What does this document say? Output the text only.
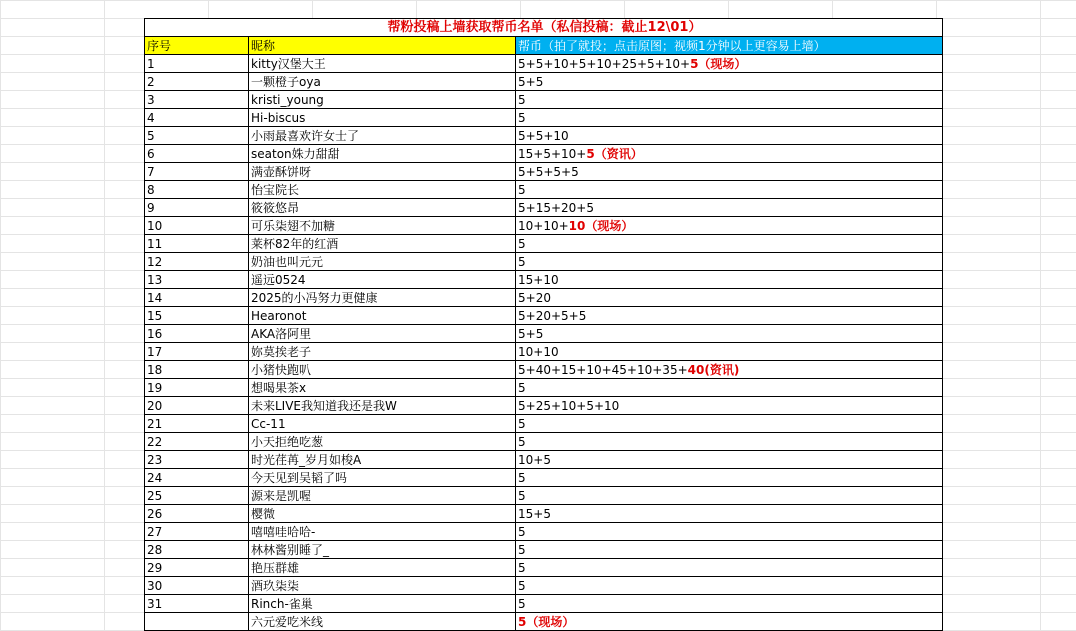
帮粉投稿上墙获取帮币名单（私信投稿：截止12\01）		
序号	昵称	帮币（拍了就投；点击原图；视频1分钟以上更容易上墙）
1	kitty汉堡大王	5+5+10+5+10+25+5+10+5（现场）
2	一颗橙子oya	5+5
3	kristi_young	5
4	Hi-biscus	5
5	小雨最喜欢许女士了	5+5+10
6	seaton姝力甜甜	15+5+10+5（资讯）
7	满壶酥饼呀	5+5+5+5
8	怡宝院长	5
9	筱筱悠昂	5+15+20+5
10	可乐柒翅不加糖	10+10+10（现场）
11	莱杯82年的红酒	5
12	奶油也叫元元	5
13	遥远0524	15+10
14	2025的小冯努力更健康	5+20
15	Hearonot	5+20+5+5
16	AKA洛阿里	5+5
17	妳莫挨老子	10+10
18	小猪快跑叭	5+40+15+10+45+10+35+40(资讯)
19	想喝果茶x	5
20	未来LIVE我知道我还是我W	5+25+10+5+10
21	Cc-11	5
22	小天拒绝吃葱	5
23	时光荏苒_岁月如梭A	10+5
24	今天见到吴韬了吗	5
25	源来是凯喔	5
26	樱微	15+5
27	嘻嘻哇哈哈-	5
28	林林酱别睡了_	5
29	艳压群雄	5
30	酒玖柒柒	5
31	Rinch-雀巢	5
	六元爱吃米线	5（现场）
